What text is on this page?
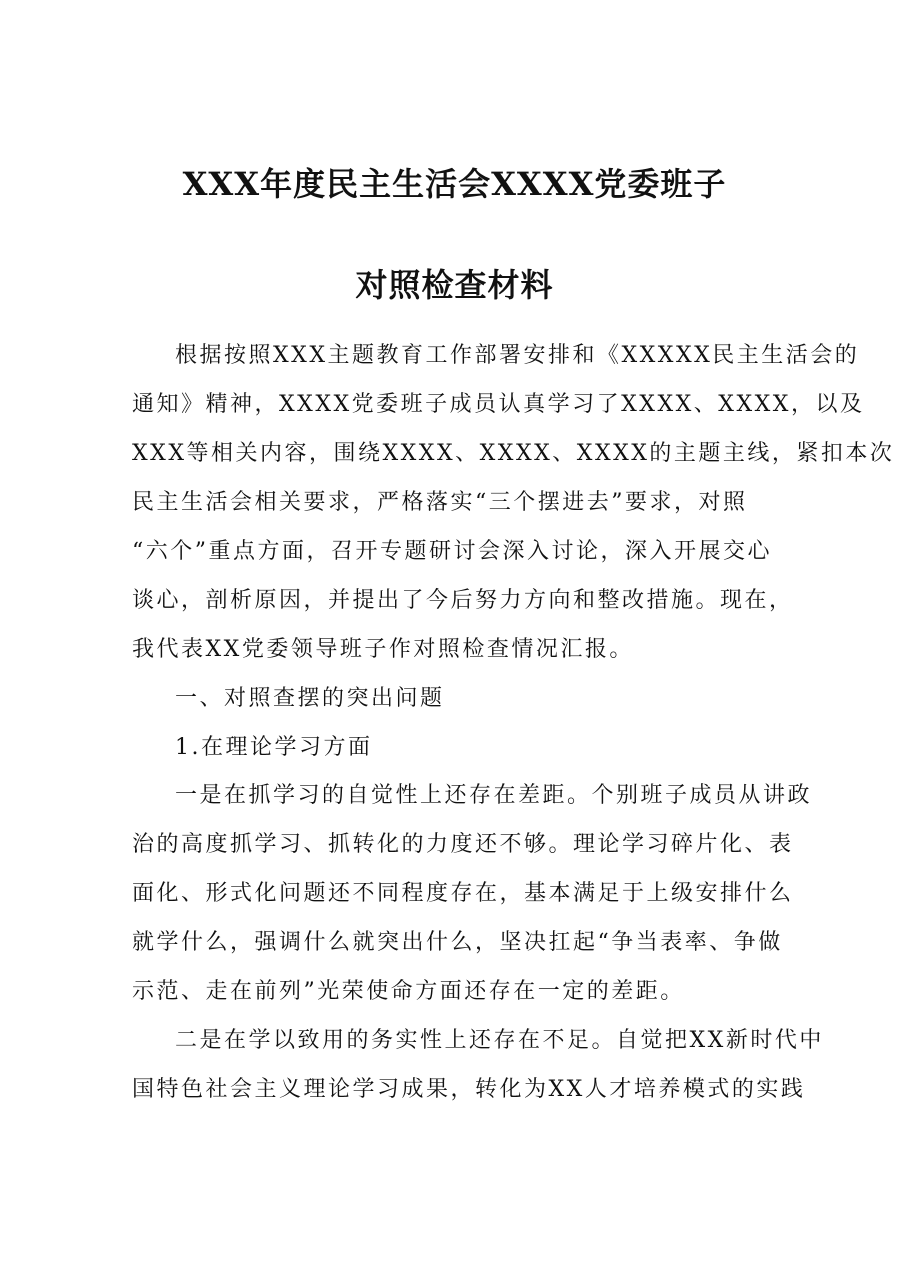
XXX年度民主生活会XXXX党委班子
对照检查材料
根据按照XXX主题教育工作部署安排和《XXXXX民主生活会的
通知》精神，XXXX党委班子成员认真学习了XXXX、XXXX，以及
XXX等相关内容，围绕XXXX、XXXX、XXXX的主题主线，紧扣本次
民主生活会相关要求，严格落实“三个摆进去”要求，对照
“六个”重点方面，召开专题研讨会深入讨论，深入开展交心
谈心，剖析原因，并提出了今后努力方向和整改措施。现在，
我代表XX党委领导班子作对照检查情况汇报。
一、对照查摆的突出问题
1.在理论学习方面
一是在抓学习的自觉性上还存在差距。个别班子成员从讲政
治的高度抓学习、抓转化的力度还不够。理论学习碎片化、表
面化、形式化问题还不同程度存在，基本满足于上级安排什么
就学什么，强调什么就突出什么，坚决扛起“争当表率、争做
示范、走在前列”光荣使命方面还存在一定的差距。
二是在学以致用的务实性上还存在不足。自觉把XX新时代中
国特色社会主义理论学习成果，转化为XX人才培养模式的实践
